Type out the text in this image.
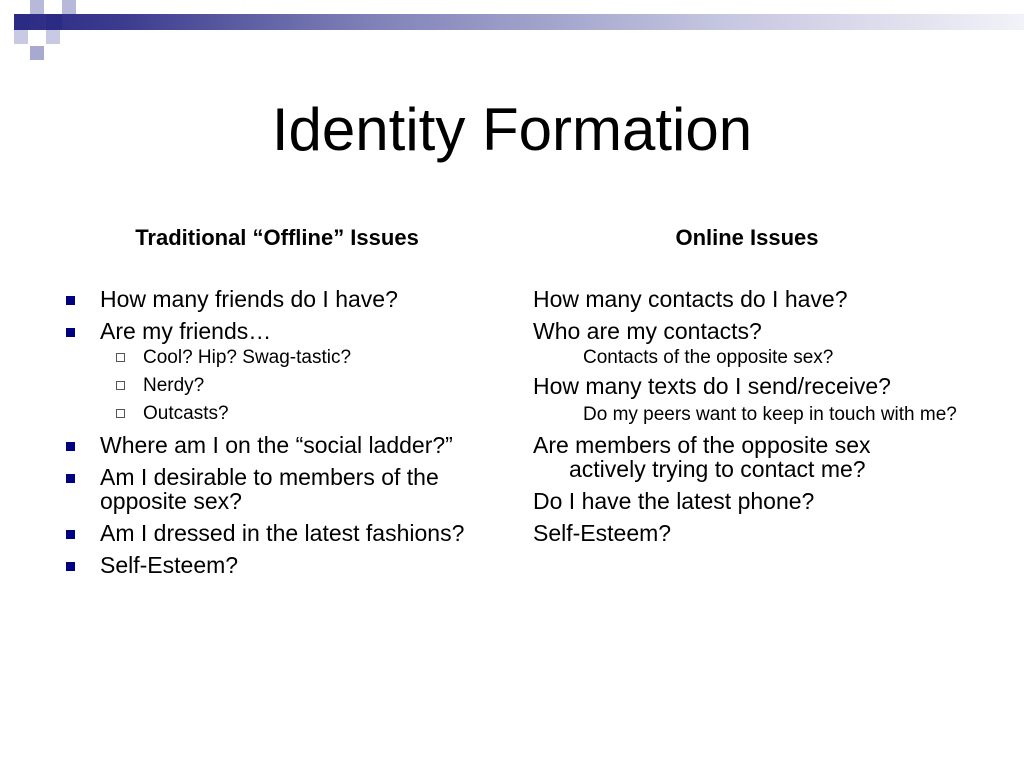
Identity Formation
Traditional “Offline” Issues	Online Issues
How many friends do I have?
Are my friends…
Cool? Hip? Swag-tastic?
Nerdy?
Outcasts?
Where am I on the “social ladder?”
Am I desirable to members of the opposite sex?
Am I dressed in the latest fashions?
Self-Esteem?
How many contacts do I have?
Who are my contacts?
Contacts of the opposite sex?
How many texts do I send/receive?
Do my peers want to keep in touch with me?
Are members of the opposite sex actively trying to contact me?
Do I have the latest phone?
Self-Esteem?
